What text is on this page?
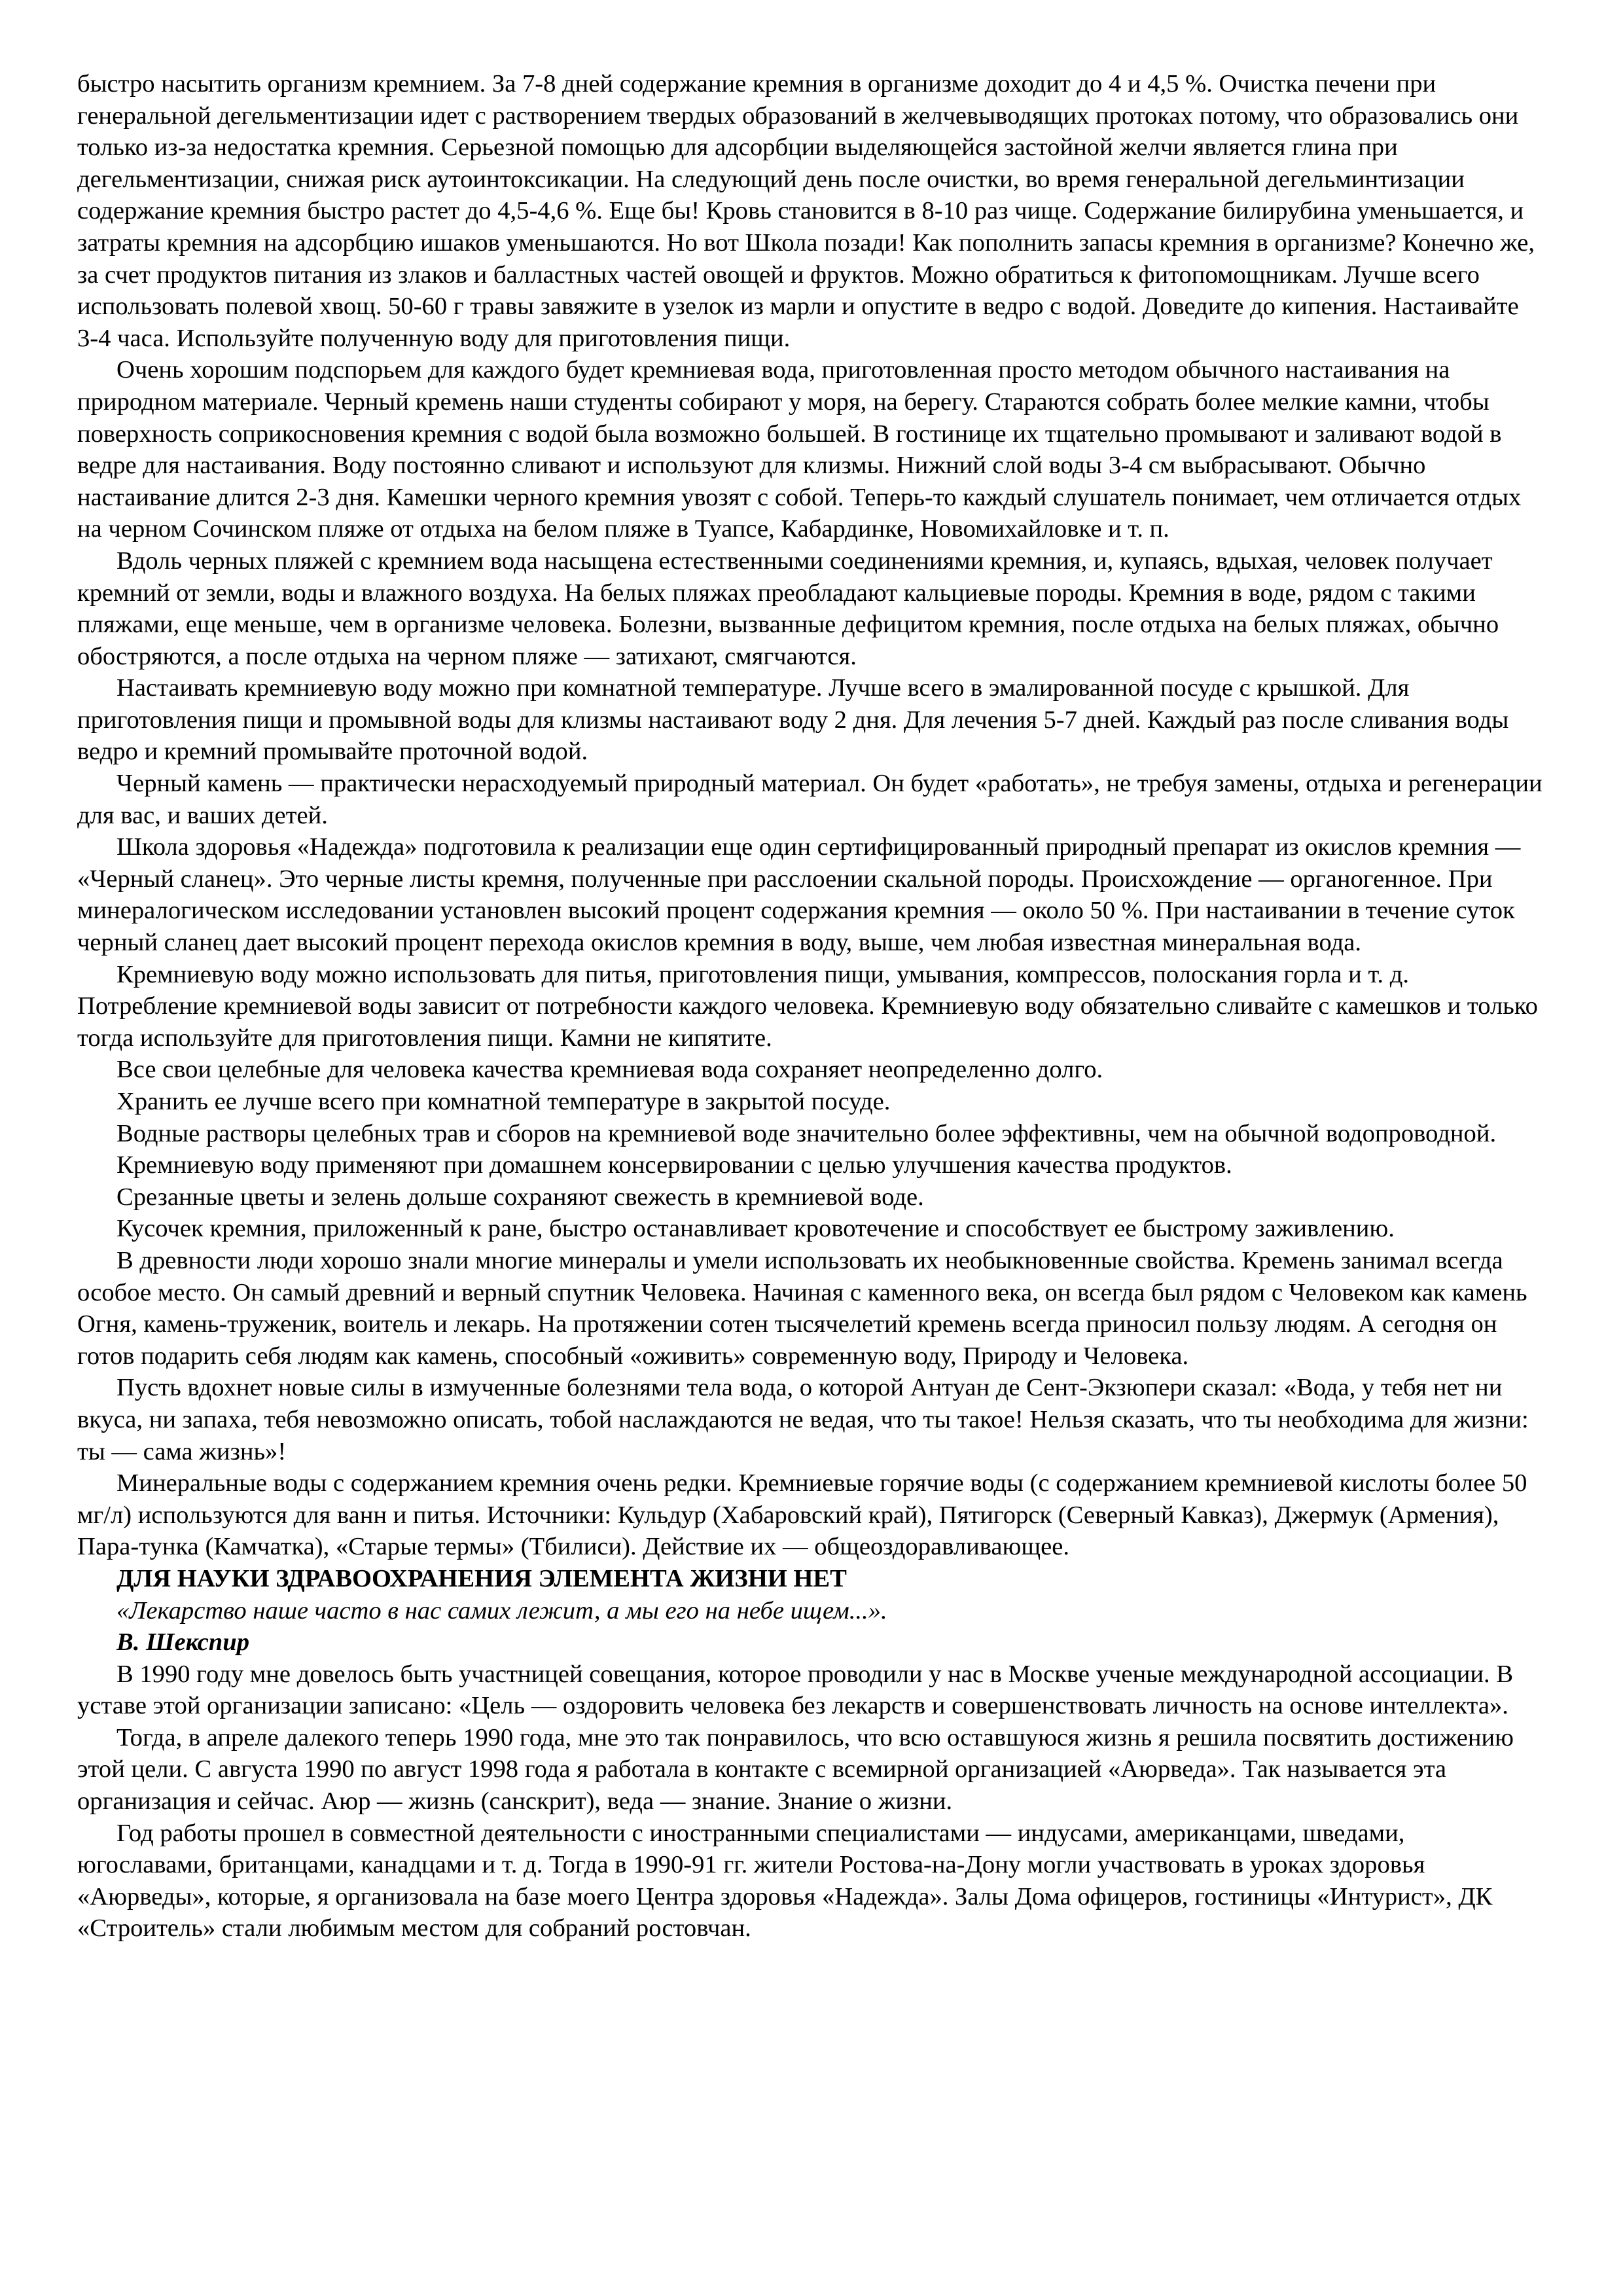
быстро насытить организм кремнием. За 7-8 дней содержание кремния в организме доходит до 4 и 4,5 %. Очистка печени при генеральной дегельментизации идет с растворением твердых образований в желчевыводящих протоках потому, что образовались они только из-за недостатка кремния. Серьезной помощью для адсорбции выделяющейся застойной желчи является глина при дегельментизации, снижая риск аутоинтоксикации. На следующий день после очистки, во время генеральной дегельминтизации содержание кремния быстро растет до 4,5-4,6 %. Еще бы! Кровь становится в 8-10 раз чище. Содержание билирубина уменьшается, и затраты кремния на адсорбцию ишаков уменьшаются. Но вот Школа позади! Как пополнить запасы кремния в организме? Конечно же, за счет продуктов питания из злаков и балластных частей овощей и фруктов. Можно обратиться к фитопомощникам. Лучше всего использовать полевой хвощ. 50-60 г травы завяжите в узелок из марли и опустите в ведро с водой. Доведите до кипения. Настаивайте 3-4 часа. Используйте полученную воду для приготовления пищи.

Очень хорошим подспорьем для каждого будет кремниевая вода, приготовленная просто методом обычного настаивания на природном материале. Черный кремень наши студенты собирают у моря, на берегу. Стараются собрать более мелкие камни, чтобы поверхность соприкосновения кремния с водой была возможно большей. В гостинице их тщательно промывают и заливают водой в ведре для настаивания. Воду постоянно сливают и используют для клизмы. Нижний слой воды 3-4 см выбрасывают. Обычно настаивание длится 2-3 дня. Камешки черного кремния увозят с собой. Теперь-то каждый слушатель понимает, чем отличается отдых на черном Сочинском пляже от отдыха на белом пляже в Туапсе, Кабардинке, Новомихайловке и т. п.

Вдоль черных пляжей с кремнием вода насыщена естественными соединениями кремния, и, купаясь, вдыхая, человек получает кремний от земли, воды и влажного воздуха. На белых пляжах преобладают кальциевые породы. Кремния в воде, рядом с такими пляжами, еще меньше, чем в организме человека. Болезни, вызванные дефицитом кремния, после отдыха на белых пляжах, обычно обостряются, а после отдыха на черном пляже — затихают, смягчаются.

Настаивать кремниевую воду можно при комнатной температуре. Лучше всего в эмалированной посуде с крышкой. Для приготовления пищи и промывной воды для клизмы настаивают воду 2 дня. Для лечения 5-7 дней. Каждый раз после сливания воды ведро и кремний промывайте проточной водой.

Черный камень — практически нерасходуемый природный материал. Он будет «работать», не требуя замены, отдыха и регенерации для вас, и ваших детей.

Школа здоровья «Надежда» подготовила к реализации еще один сертифицированный природный препарат из окислов кремния — «Черный сланец». Это черные листы кремня, полученные при расслоении скальной породы. Происхождение — органогенное. При минералогическом исследовании установлен высокий процент содержания кремния — около 50 %. При настаивании в течение суток черный сланец дает высокий процент перехода окислов кремния в воду, выше, чем любая известная минеральная вода.

Кремниевую воду можно использовать для питья, приготовления пищи, умывания, компрессов, полоскания горла и т. д. Потребление кремниевой воды зависит от потребности каждого человека. Кремниевую воду обязательно сливайте с камешков и только тогда используйте для приготовления пищи. Камни не кипятите.

Все свои целебные для человека качества кремниевая вода сохраняет неопределенно долго.

Хранить ее лучше всего при комнатной температуре в закрытой посуде.

Водные растворы целебных трав и сборов на кремниевой воде значительно более эффективны, чем на обычной водопроводной.

Кремниевую воду применяют при домашнем консервировании с целью улучшения качества продуктов.

Срезанные цветы и зелень дольше сохраняют свежесть в кремниевой воде.

Кусочек кремния, приложенный к ране, быстро останавливает кровотечение и способствует ее быстрому заживлению.

В древности люди хорошо знали многие минералы и умели использовать их необыкновенные свойства. Кремень занимал всегда особое место. Он самый древний и верный спутник Человека. Начиная с каменного века, он всегда был рядом с Человеком как камень Огня, камень-труженик, воитель и лекарь. На протяжении сотен тысячелетий кремень всегда приносил пользу людям. А сегодня он готов подарить себя людям как камень, способный «оживить» современную воду, Природу и Человека.

Пусть вдохнет новые силы в измученные болезнями тела вода, о которой Антуан де Сент-Экзюпери сказал: «Вода, у тебя нет ни вкуса, ни запаха, тебя невозможно описать, тобой наслаждаются не ведая, что ты такое! Нельзя сказать, что ты необходима для жизни: ты — сама жизнь»!

Минеральные воды с содержанием кремния очень редки. Кремниевые горячие воды (с содержанием кремниевой кислоты более 50 мг/л) используются для ванн и питья. Источники: Кульдур (Хабаровский край), Пятигорск (Северный Кавказ), Джермук (Армения), Пара-тунка (Камчатка), «Старые термы» (Тбилиси). Действие их — общеоздоравливающее.

ДЛЯ НАУКИ ЗДРАВООХРАНЕНИЯ ЭЛЕМЕНТА ЖИЗНИ НЕТ

«Лекарство наше часто в нас самих лежит, а мы его на небе ищем...».

В. Шекспир

В 1990 году мне довелось быть участницей совещания, которое проводили у нас в Москве ученые международной ассоциации. В уставе этой организации записано: «Цель — оздоровить человека без лекарств и совершенствовать личность на основе интеллекта».

Тогда, в апреле далекого теперь 1990 года, мне это так понравилось, что всю оставшуюся жизнь я решила посвятить достижению этой цели. С августа 1990 по август 1998 года я работала в контакте с всемирной организацией «Аюрведа». Так называется эта организация и сейчас. Аюр — жизнь (санскрит), веда — знание. Знание о жизни.

Год работы прошел в совместной деятельности с иностранными специалистами — индусами, американцами, шведами, югославами, британцами, канадцами и т. д. Тогда в 1990-91 гг. жители Ростова-на-Дону могли участвовать в уроках здоровья «Аюрведы», которые, я организовала на базе моего Центра здоровья «Надежда». Залы Дома офицеров, гостиницы «Интурист», ДК «Строитель» стали любимым местом для собраний ростовчан.
